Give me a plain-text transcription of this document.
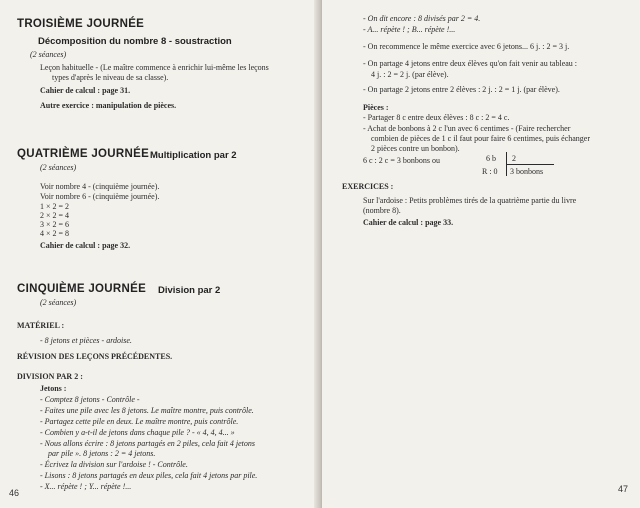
TROISIÈME JOURNÉE
Décomposition du nombre 8 - soustraction
(2 séances)
Leçon habituelle - (Le maître commence à enrichir lui-même les leçons
types d'après le niveau de sa classe).
Cahier de calcul : page 31.
Autre exercice : manipulation de pièces.
QUATRIÈME JOURNÉE Multiplication par 2
(2 séances)
Voir nombre 4 - (cinquième journée).
Voir nombre 6 - (cinquième journée).
1 × 2 = 2
2 × 2 = 4
3 × 2 = 6
4 × 2 = 8
Cahier de calcul : page 32.
CINQUIÈME JOURNÉE Division par 2
(2 séances)
MATÉRIEL :
- 8 jetons et pièces - ardoise.
RÉVISION DES LEÇONS PRÉCÉDENTES.
DIVISION PAR 2 :
Jetons :
- Comptez 8 jetons - Contrôle -
- Faites une pile avec les 8 jetons. Le maître montre, puis contrôle.
- Partagez cette pile en deux. Le maître montre, puis contrôle.
- Combien y a-t-il de jetons dans chaque pile ? - « 4, 4, 4... »
- Nous allons écrire : 8 jetons partagés en 2 piles, cela fait 4 jetons
par pile ». 8 jetons : 2 = 4 jetons.
- Écrivez la division sur l'ardoise ! - Contrôle.
- Lisons : 8 jetons partagés en deux piles, cela fait 4 jetons par pile.
- X... répète ! ; Y... répète !...
46
- On dit encore : 8 divisés par 2 = 4.
- A... répète ! ; B... répète !...
- On recommence le même exercice avec 6 jetons... 6 j. : 2 = 3 j.
- On partage 4 jetons entre deux élèves qu'on fait venir au tableau :
4 j. : 2 = 2 j. (par élève).
- On partage 2 jetons entre 2 élèves : 2 j. : 2 = 1 j. (par élève).
Pièces :
- Partager 8 c entre deux élèves : 8 c : 2 = 4 c.
- Achat de bonbons à 2 c l'un avec 6 centimes - (Faire rechercher
combien de pièces de 1 c il faut pour faire 6 centimes, puis échanger
2 pièces contre un bonbon).
6 c : 2 c = 3 bonbons ou	6 b 2
R : 0 3 bonbons
EXERCICES :
Sur l'ardoise : Petits problèmes tirés de la quatrième partie du livre
(nombre 8).
Cahier de calcul : page 33.
47
